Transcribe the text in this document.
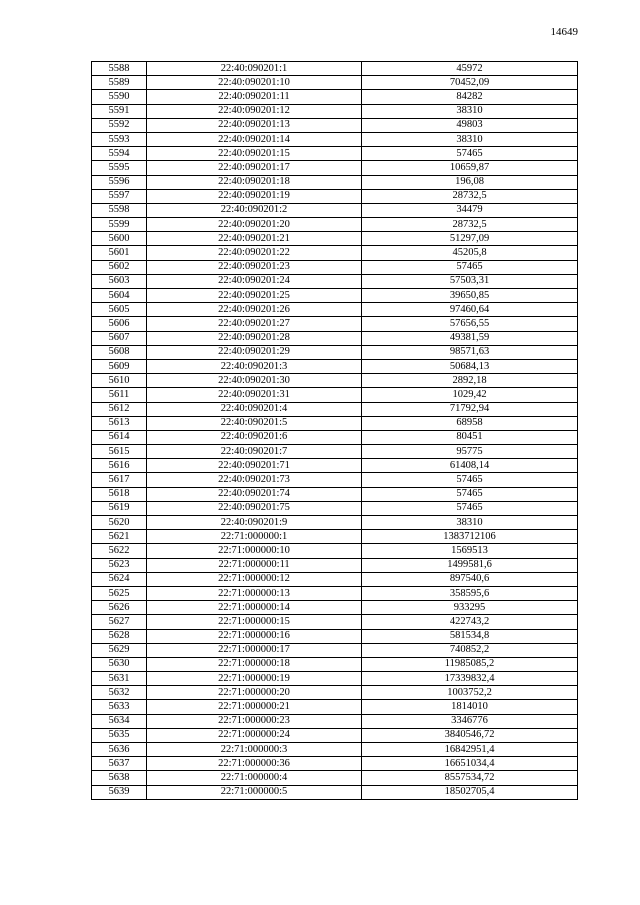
14649
5588	22:40:090201:1	45972
5589	22:40:090201:10	70452,09
5590	22:40:090201:11	84282
5591	22:40:090201:12	38310
5592	22:40:090201:13	49803
5593	22:40:090201:14	38310
5594	22:40:090201:15	57465
5595	22:40:090201:17	10659,87
5596	22:40:090201:18	196,08
5597	22:40:090201:19	28732,5
5598	22:40:090201:2	34479
5599	22:40:090201:20	28732,5
5600	22:40:090201:21	51297,09
5601	22:40:090201:22	45205,8
5602	22:40:090201:23	57465
5603	22:40:090201:24	57503,31
5604	22:40:090201:25	39650,85
5605	22:40:090201:26	97460,64
5606	22:40:090201:27	57656,55
5607	22:40:090201:28	49381,59
5608	22:40:090201:29	98571,63
5609	22:40:090201:3	50684,13
5610	22:40:090201:30	2892,18
5611	22:40:090201:31	1029,42
5612	22:40:090201:4	71792,94
5613	22:40:090201:5	68958
5614	22:40:090201:6	80451
5615	22:40:090201:7	95775
5616	22:40:090201:71	61408,14
5617	22:40:090201:73	57465
5618	22:40:090201:74	57465
5619	22:40:090201:75	57465
5620	22:40:090201:9	38310
5621	22:71:000000:1	1383712106
5622	22:71:000000:10	1569513
5623	22:71:000000:11	1499581,6
5624	22:71:000000:12	897540,6
5625	22:71:000000:13	358595,6
5626	22:71:000000:14	933295
5627	22:71:000000:15	422743,2
5628	22:71:000000:16	581534,8
5629	22:71:000000:17	740852,2
5630	22:71:000000:18	11985085,2
5631	22:71:000000:19	17339832,4
5632	22:71:000000:20	1003752,2
5633	22:71:000000:21	1814010
5634	22:71:000000:23	3346776
5635	22:71:000000:24	3840546,72
5636	22:71:000000:3	16842951,4
5637	22:71:000000:36	16651034,4
5638	22:71:000000:4	8557534,72
5639	22:71:000000:5	18502705,4
